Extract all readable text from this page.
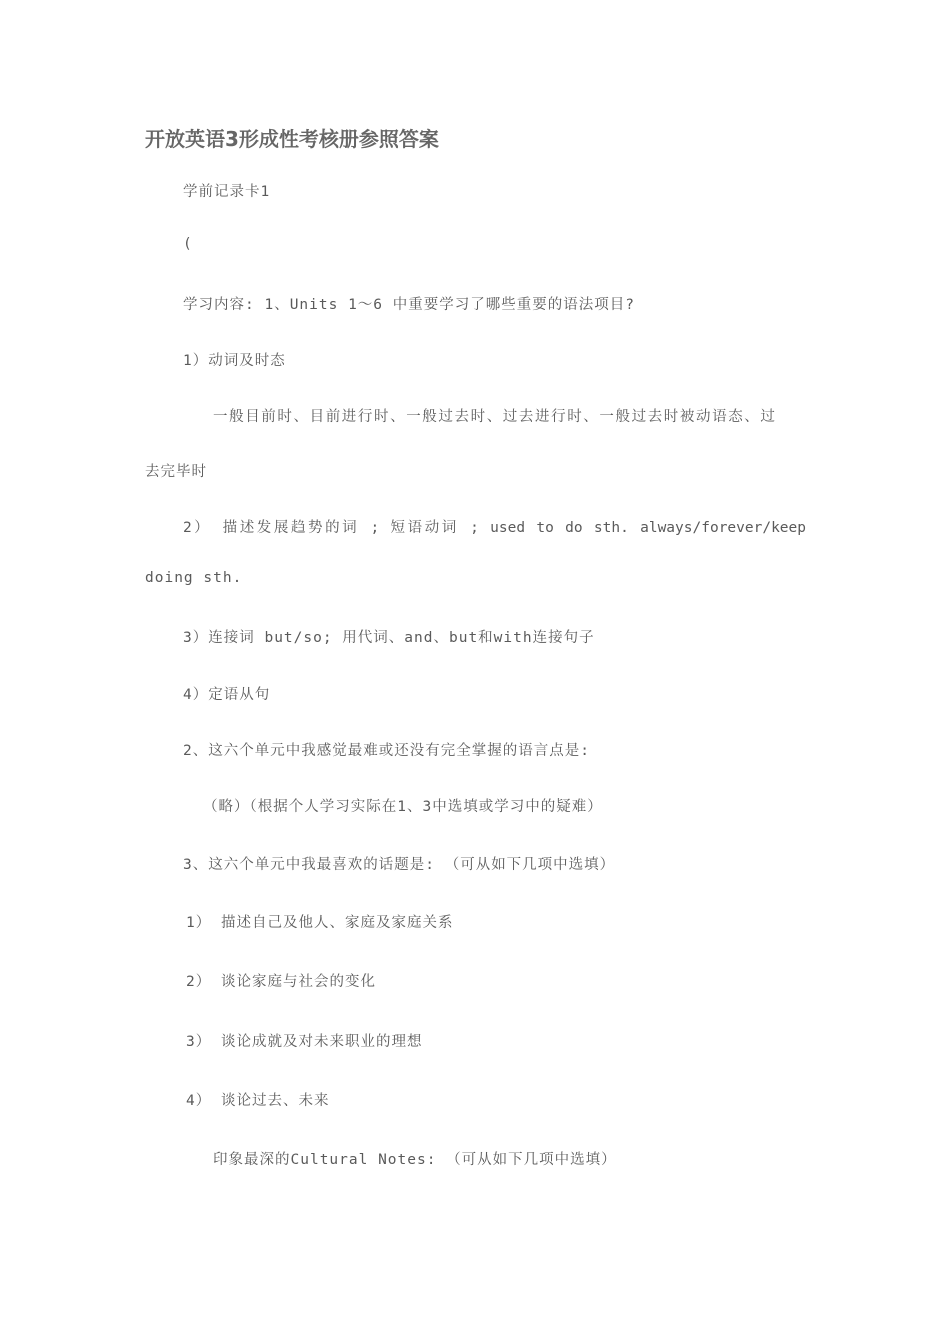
开放英语3形成性考核册参照答案
学前记录卡1
(
学习内容: 1、Units 1～6 中重要学习了哪些重要的语法项目?
1）动词及时态
一般目前时、目前进行时、一般过去时、过去进行时、一般过去时被动语态、过
去完毕时
2） 描述发展趋势的词 ; 短语动词 ; used to do sth. always/forever/keep
doing sth.
3）连接词 but/so; 用代词、and、but和with连接句子
4）定语从句
2、这六个单元中我感觉最难或还没有完全掌握的语言点是:
（略）（根据个人学习实际在1、3中选填或学习中的疑难）
3、这六个单元中我最喜欢的话题是: （可从如下几项中选填）
1） 描述自己及他人、家庭及家庭关系
2） 谈论家庭与社会的变化
3） 谈论成就及对未来职业的理想
4） 谈论过去、未来
印象最深的Cultural Notes: （可从如下几项中选填）
